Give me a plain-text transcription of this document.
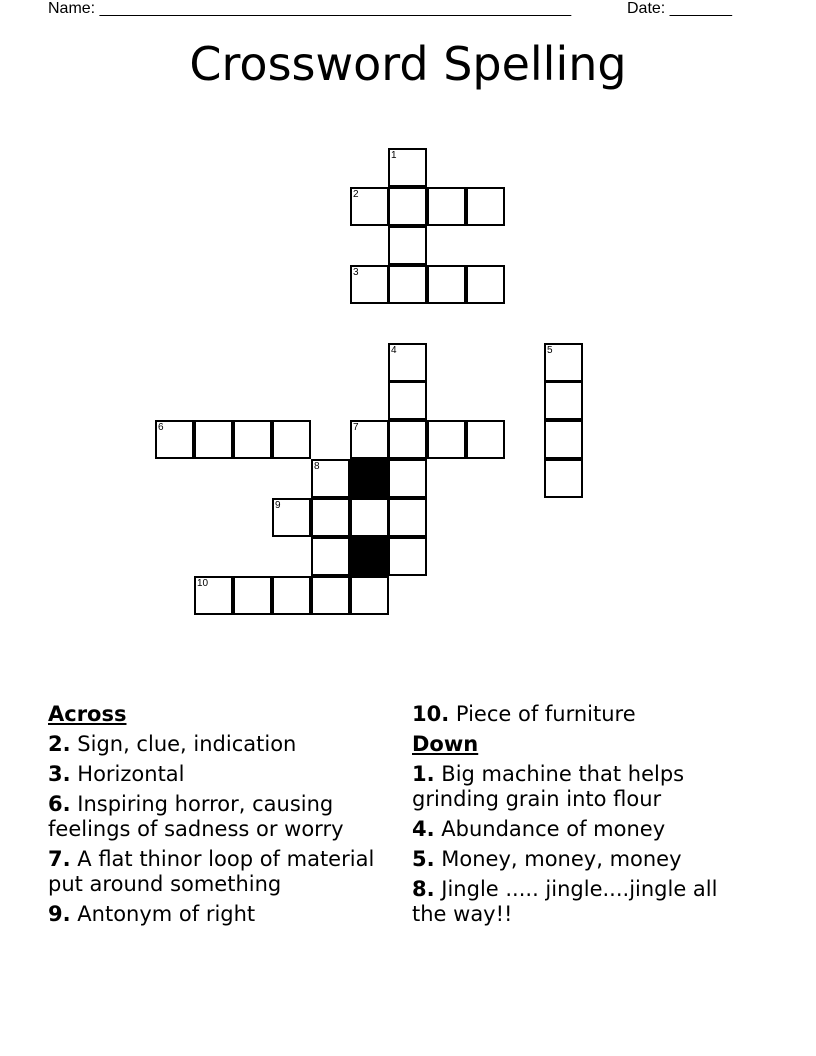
Name: _____________________________________________________	Date: _______
Crossword Spelling
1
2
3
4	5
6	7
8
9
10
Across
2. Sign, clue, indication
3. Horizontal
6. Inspiring horror, causing feelings of sadness or worry
7. A flat thinor loop of material put around something
9. Antonym of right
10. Piece of furniture
Down
1. Big machine that helps grinding grain into flour
4. Abundance of money
5. Money, money, money
8. Jingle ..... jingle....jingle all the way!!
